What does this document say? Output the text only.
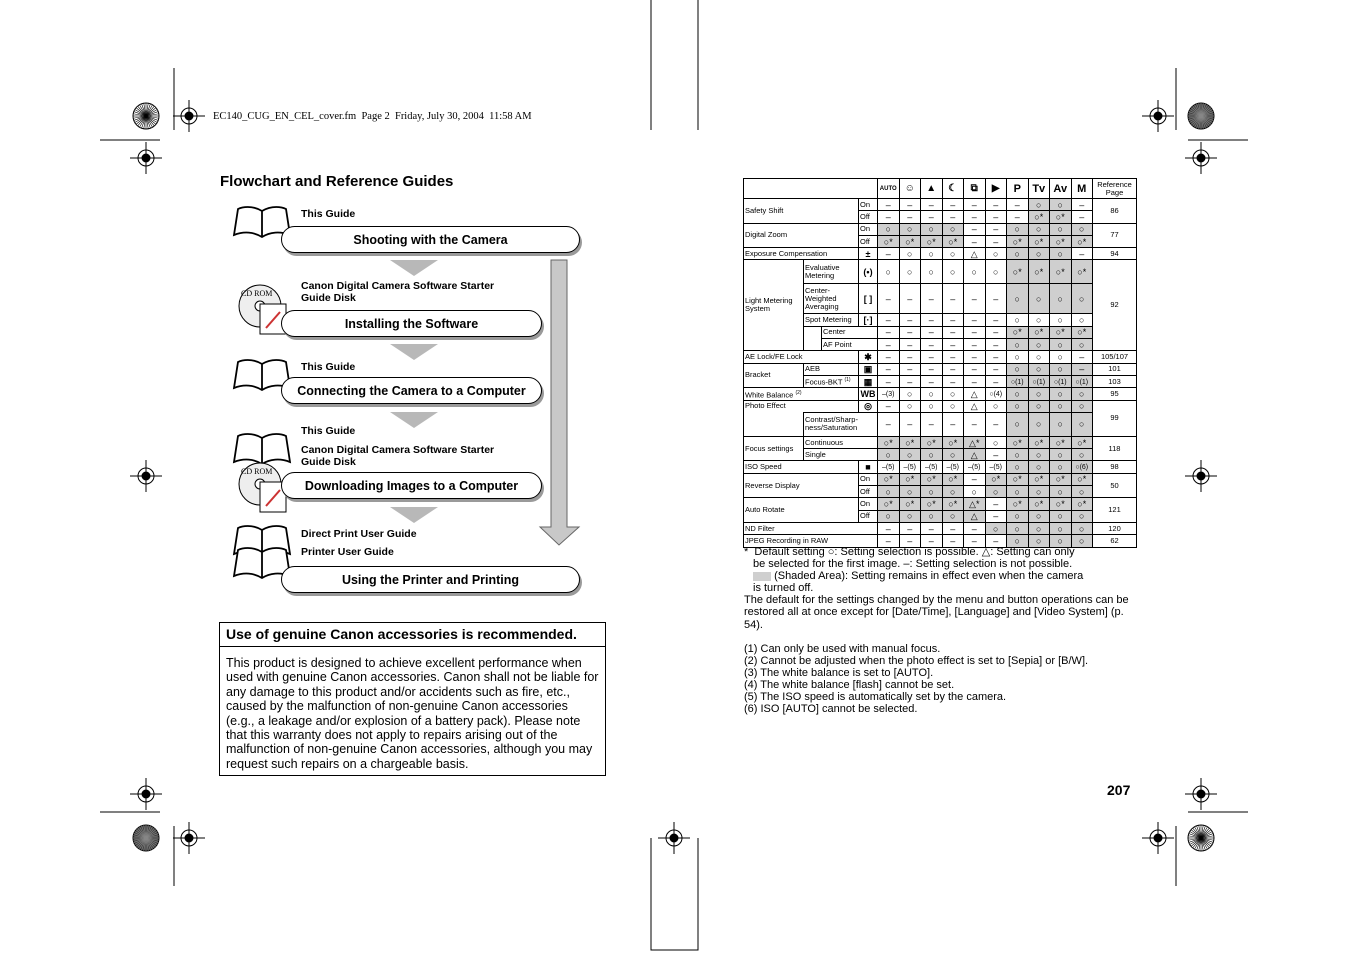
EC140_CUG_EN_CEL_cover.fm  Page 2  Friday, July 30, 2004  11:58 AM
Flowchart and Reference Guides
CD ROM
CD ROM
This Guide
Shooting with the Camera
Canon Digital Camera Software Starter Guide Disk
Installing the Software
This Guide
Connecting the Camera to a Computer
This Guide
Canon Digital Camera Software Starter Guide Disk
Downloading Images to a Computer
Direct Print User Guide
Printer User Guide
Using the Printer and Printing
Use of genuine Canon accessories is recommended.

This product is designed to achieve excellent performance when used with genuine Canon accessories. Canon shall not be liable for any damage to this product and/or accidents such as fire, etc., caused by the malfunction of non-genuine Canon accessories (e.g., a leakage and/or explosion of a battery pack). Please note that this warranty does not apply to repairs arising out of the malfunction of non-genuine Canon accessories, although you may request such repairs on a chargeable basis.

				AUTO	☺	▲	☾	⧉	▶	P	Tv	Av	M	Reference Page
Safety Shift			On	–	–	–	–	–	–	–	○	○	–	86
			Off	–	–	–	–	–	–	–	○*	○*	–	
Digital Zoom			On	○	○	○	○	–	–	○	○	○	○	77
			Off	○*	○*	○*	○*	–	–	○*	○*	○*	○*	
Exposure Compensation			±	–	○	○	○	△	○	○	○	○	–	94
Light Metering System	Evaluative Metering		(•)	○	○	○	○	○	○	○*	○*	○*	○*	92
	Center-Weighted Averaging		[ ]	–	–	–	–	–	–	○	○	○	○	
	Spot Metering		[·]	–	–	–	–	–	–	○	○	○	○	
		Center		–	–	–	–	–	–	○*	○*	○*	○*	
		AF Point		–	–	–	–	–	–	○	○	○	○	
AE Lock/FE Lock			✱	–	–	–	–	–	–	○	○	○	–	105/107
Bracket	AEB		▣	–	–	–	–	–	–	○	○	○	–	101
	Focus-BKT $^{(1)}$		▦	–	–	–	–	–	–	○(1)	○(1)	○(1)	○(1)	103
White Balance $^{(2)}$			WB	–(3)	○	○	○	△	○(4)	○	○	○	○	95
Photo Effect			◎	–	○	○	○	△	○	○	○	○	○	99
	Contrast/Sharp-ness/Saturation			–	–	–	–	–	–	○	○	○	○	
Focus settings	Continuous			○*	○*	○*	○*	△*	○	○*	○*	○*	○*	118
	Single			○	○	○	○	△	–	○	○	○	○	
ISO Speed			■	–(5)	–(5)	–(5)	–(5)	–(5)	–(5)	○	○	○	○(6)	98
Reverse Display			On	○*	○*	○*	○*	–	○*	○*	○*	○*	○*	50
			Off	○	○	○	○	○	○	○	○	○	○	
Auto Rotate			On	○*	○*	○*	○*	△*	–	○*	○*	○*	○*	121
			Off	○	○	○	○	△	–	○	○	○	○	
ND Filter				–	–	–	–	–	○	○	○	○	○	120
JPEG Recording in RAW				–	–	–	–	–	–	○	○	○	○	62
*  Default setting ○: Setting selection is possible. △: Setting can only
be selected for the first image. –: Setting selection is not possible.
(Shaded Area): Setting remains in effect even when the camera
is turned off.
The default for the settings changed by the menu and button operations can be restored all at once except for [Date/Time], [Language] and [Video System] (p. 54).
(1) Can only be used with manual focus.
(2) Cannot be adjusted when the photo effect is set to [Sepia] or [B/W].
(3) The white balance is set to [AUTO].
(4) The white balance [flash] cannot be set.
(5) The ISO speed is automatically set by the camera.
(6) ISO [AUTO] cannot be selected.
207
